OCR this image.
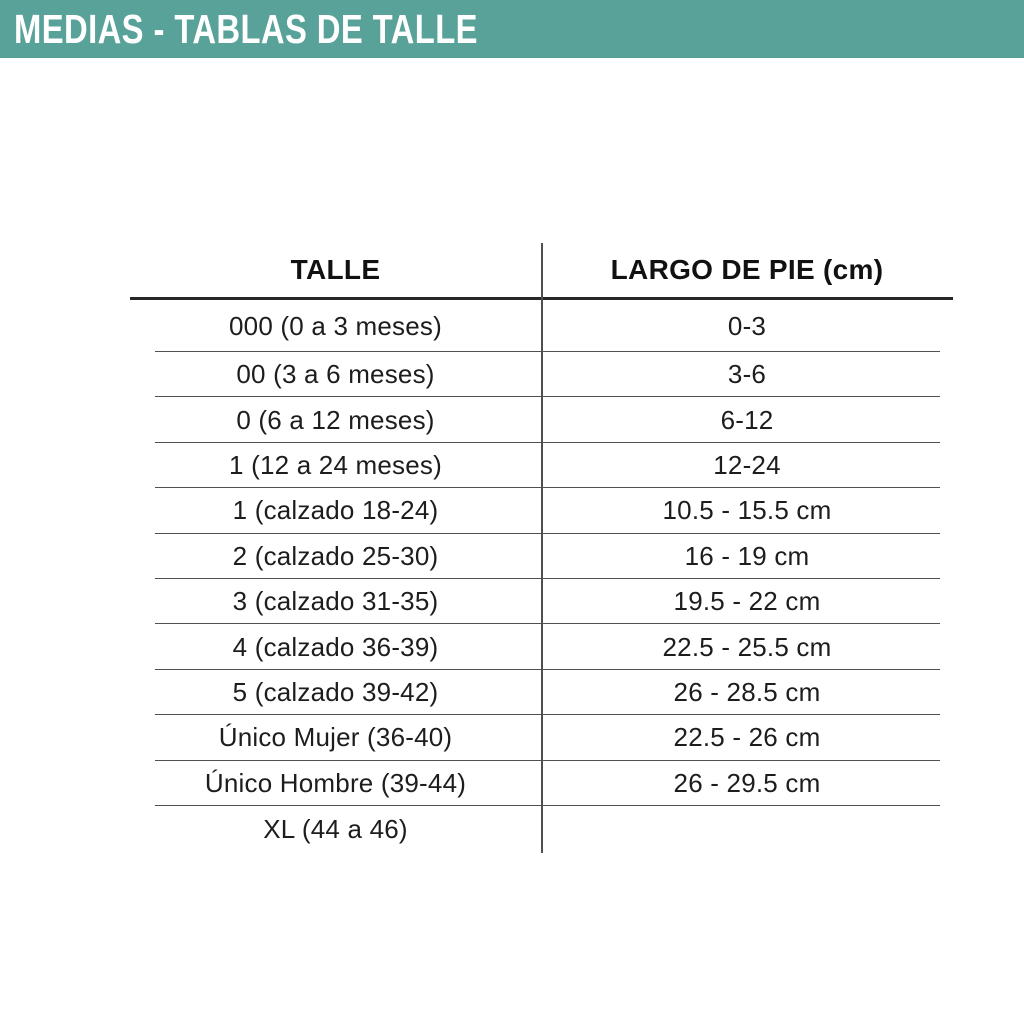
MEDIAS - TABLAS DE TALLE
TALLE	LARGO DE PIE (cm)
000 (0 a 3 meses)	0-3
00 (3 a 6 meses)	3-6
0 (6 a 12 meses)	6-12
1 (12 a 24 meses)	12-24
1 (calzado 18-24)	10.5 - 15.5 cm
2 (calzado 25-30)	16 - 19 cm
3 (calzado 31-35)	19.5 - 22 cm
4 (calzado 36-39)	22.5 - 25.5 cm
5 (calzado 39-42)	26 - 28.5 cm
Único Mujer (36-40)	22.5 - 26 cm
Único Hombre (39-44)	26 - 29.5 cm
XL (44 a 46)
